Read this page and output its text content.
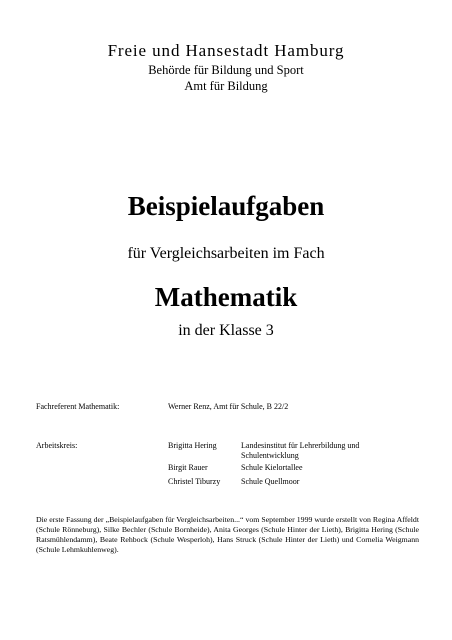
Freie und Hansestadt Hamburg
Behörde für Bildung und Sport
Amt für Bildung
Beispielaufgaben
für Vergleichsarbeiten im Fach
Mathematik
in der Klasse 3
Fachreferent Mathematik:	Werner Renz, Amt für Schule, B 22/2
Arbeitskreis:	Brigitta Hering	Landesinstitut für Lehrerbildung und
Schulentwicklung
Birgit Rauer	Schule Kielortallee
Christel Tiburzy	Schule Quellmoor
Die erste Fassung der „Beispielaufgaben für Vergleichsarbeiten...“ vom September 1999 wurde erstellt von Regina Affeldt (Schule Rönneburg), Silke Bechler (Schule Bornheide), Anita Georges (Schule Hinter der Lieth), Brigitta Hering (Schule Ratsmühlendamm), Beate Rehbock (Schule Wesperloh), Hans Struck (Schule Hinter der Lieth) und Cornelia Weigmann (Schule Lehmkuhlenweg).
